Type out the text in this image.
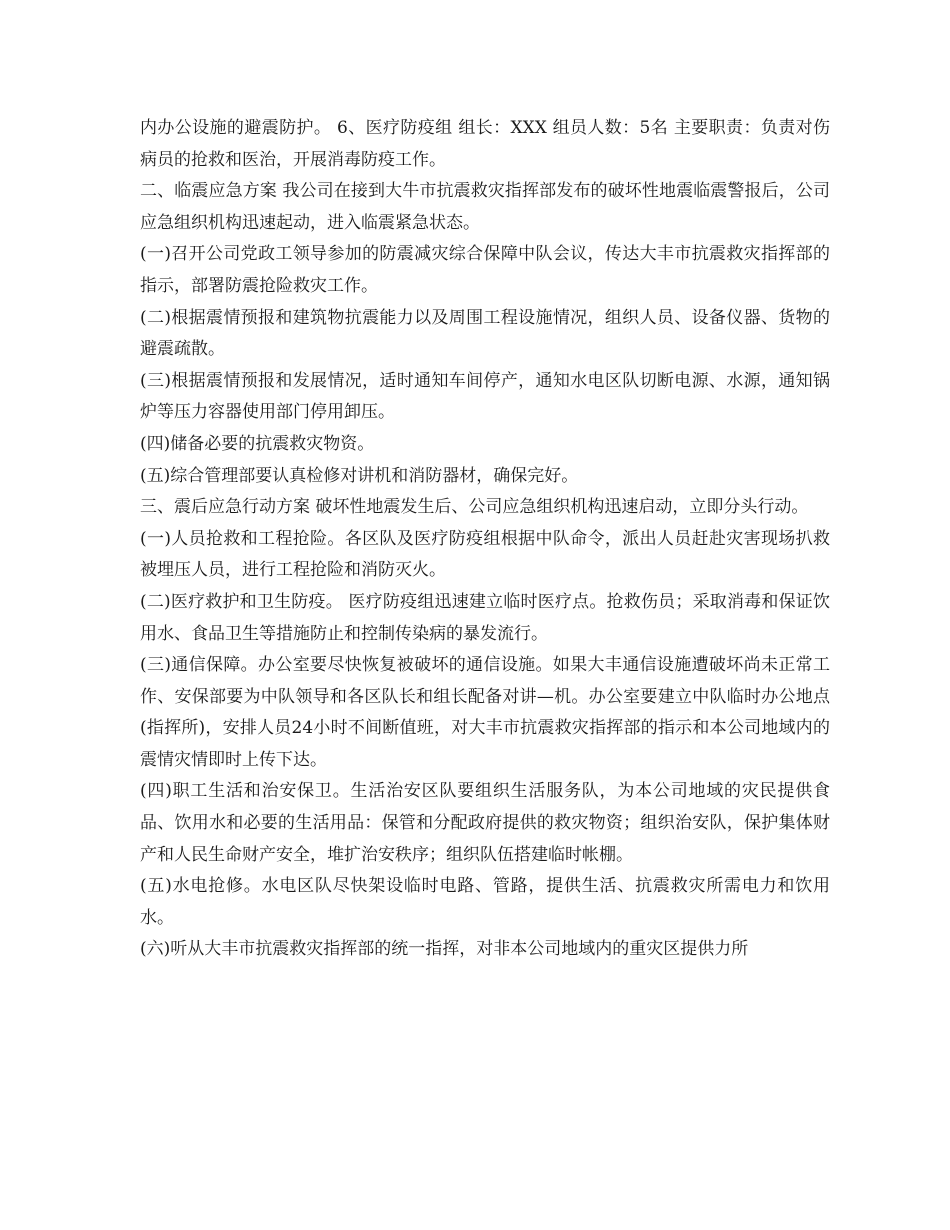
内办公设施的避震防护。 6、医疗防疫组 组长：XXX 组员人数：5名 主要职责：负责对伤病员的抢救和医治，开展消毒防疫工作。

二、临震应急方案 我公司在接到大牛市抗震救灾指挥部发布的破坏性地震临震警报后，公司应急组织机构迅速起动，进入临震紧急状态。

(一)召开公司党政工领导参加的防震减灾综合保障中队会议，传达大丰市抗震救灾指挥部的指示，部署防震抢险救灾工作。

(二)根据震情预报和建筑物抗震能力以及周围工程设施情况，组织人员、设备仪器、货物的避震疏散。

(三)根据震情预报和发展情况，适时通知车间停产，通知水电区队切断电源、水源，通知锅炉等压力容器使用部门停用卸压。

(四)储备必要的抗震救灾物资。

(五)综合管理部要认真检修对讲机和消防器材，确保完好。

三、震后应急行动方案 破坏性地震发生后、公司应急组织机构迅速启动，立即分头行动。

(一)人员抢救和工程抢险。各区队及医疗防疫组根据中队命令，派出人员赶赴灾害现场扒救被埋压人员，进行工程抢险和消防灭火。

(二)医疗救护和卫生防疫。 医疗防疫组迅速建立临时医疗点。抢救伤员；采取消毒和保证饮用水、食品卫生等措施防止和控制传染病的暴发流行。

(三)通信保障。办公室要尽快恢复被破坏的通信设施。如果大丰通信设施遭破坏尚未正常工作、安保部要为中队领导和各区队长和组长配备对讲—机。办公室要建立中队临时办公地点(指挥所)，安排人员24小时不间断值班，对大丰市抗震救灾指挥部的指示和本公司地域内的震情灾情即时上传下达。

(四)职工生活和治安保卫。生活治安区队要组织生活服务队，为本公司地域的灾民提供食品、饮用水和必要的生活用品：保管和分配政府提供的救灾物资；组织治安队，保护集体财产和人民生命财产安全，堆扩治安秩序；组织队伍搭建临时帐棚。

(五)水电抢修。水电区队尽快架设临时电路、管路，提供生活、抗震救灾所需电力和饮用水。

(六)听从大丰市抗震救灾指挥部的统一指挥，对非本公司地域内的重灾区提供力所
